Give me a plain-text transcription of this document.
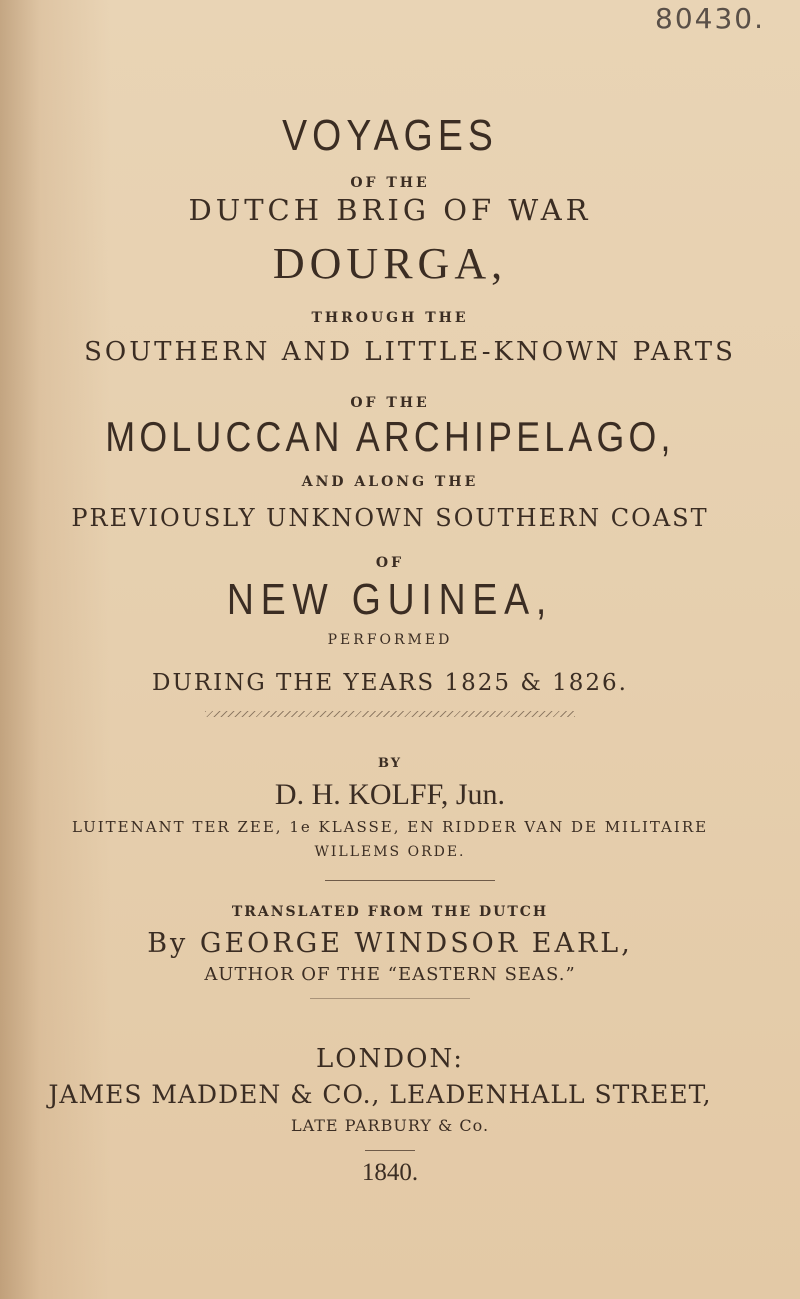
80430.
VOYAGES
OF THE
DUTCH BRIG OF WAR
DOURGA,
THROUGH THE
SOUTHERN AND LITTLE-KNOWN PARTS
OF THE
MOLUCCAN ARCHIPELAGO,
AND ALONG THE
PREVIOUSLY UNKNOWN SOUTHERN COAST
OF
NEW GUINEA,
PERFORMED
DURING THE YEARS 1825 & 1826.
BY
D. H. KOLFF, Jun.
LUITENANT TER ZEE, 1e KLASSE, EN RIDDER VAN DE MILITAIRE
WILLEMS ORDE.
TRANSLATED FROM THE DUTCH
By GEORGE WINDSOR EARL,
AUTHOR OF THE “EASTERN SEAS.”
LONDON:
JAMES MADDEN & CO., LEADENHALL STREET,
LATE PARBURY & Co.
1840.
